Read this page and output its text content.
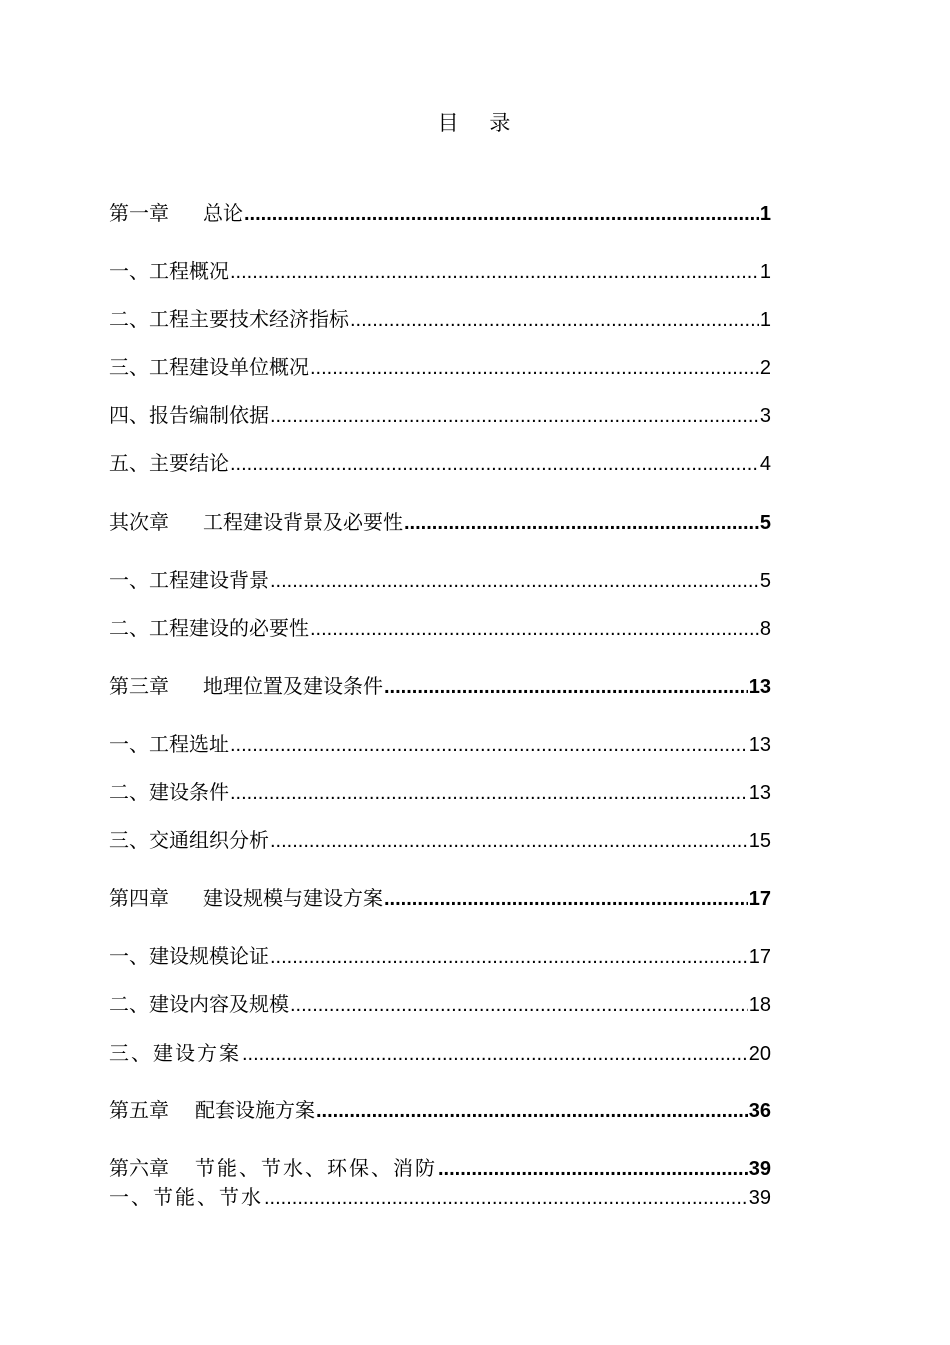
目 录
第一章 总论 .....	1
一、工程概况 .....	1
二、工程主要技术经济指标 .....	1
三、工程建设单位概况 .....	2
四、报告编制依据 .....	3
五、主要结论 .....	4
其次章 工程建设背景及必要性 .....	5
一、工程建设背景 .....	5
二、工程建设的必要性 .....	8
第三章 地理位置及建设条件 .....	13
一、工程选址 .....	13
二、建设条件 .....	13
三、交通组织分析 .....	15
第四章 建设规模与建设方案 .....	17
一、建设规模论证 .....	17
二、建设内容及规模 .....	18
三、建设方案 .....	20
第五章 配套设施方案 .....	36
第六章 节能、节水、环保、消防 .....	39
一、节能、节水 .....	39
